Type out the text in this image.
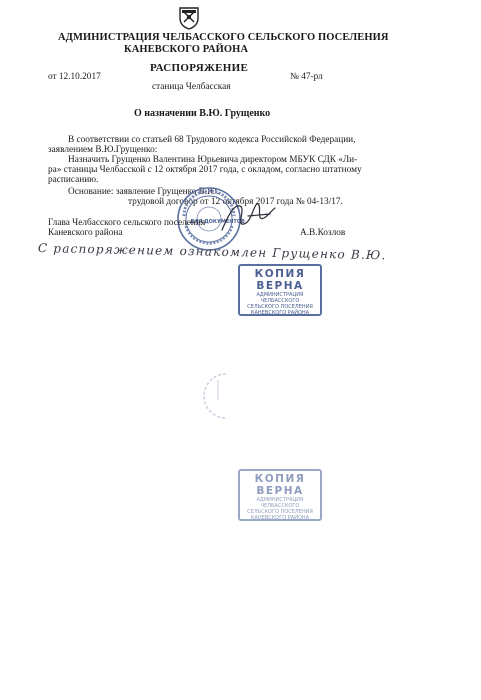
АДМИНИСТРАЦИЯ ЧЕЛБАССКОГО СЕЛЬСКОГО ПОСЕЛЕНИЯ
КАНЕВСКОГО РАЙОНА
РАСПОРЯЖЕНИЕ
от 12.10.2017	№ 47-рл
станица Челбасская
О назначении В.Ю. Грущенко
В соответствии со статьей 68 Трудового кодекса Российской Федерации,
заявлением В.Ю.Грущенко:
Назначить Грущенко Валентина Юрьевича директором МБУК СДК «Ли-
ра» станицы Челбасской с 12 октября 2017 года, с окладом, согласно штатному
расписанию.
Основание: заявление Грущенко В.Ю.
трудовой договор от 12 октября 2017 года № 04-13/17.
ДЛЯ ДОКУМЕНТОВ
Глава Челбасского сельского поселения
Каневского района	А.В.Козлов
С распоряжением ознакомлен Грущенко В.Ю.
КОПИЯ ВЕРНА
АДМИНИСТРАЦИЯ ЧЕЛБАССКОГО
СЕЛЬСКОГО ПОСЕЛЕНИЯ
КАНЕВСКОГО РАЙОНА
КОПИЯ ВЕРНА
АДМИНИСТРАЦИЯ ЧЕЛБАССКОГО
СЕЛЬСКОГО ПОСЕЛЕНИЯ
КАНЕВСКОГО РАЙОНА
